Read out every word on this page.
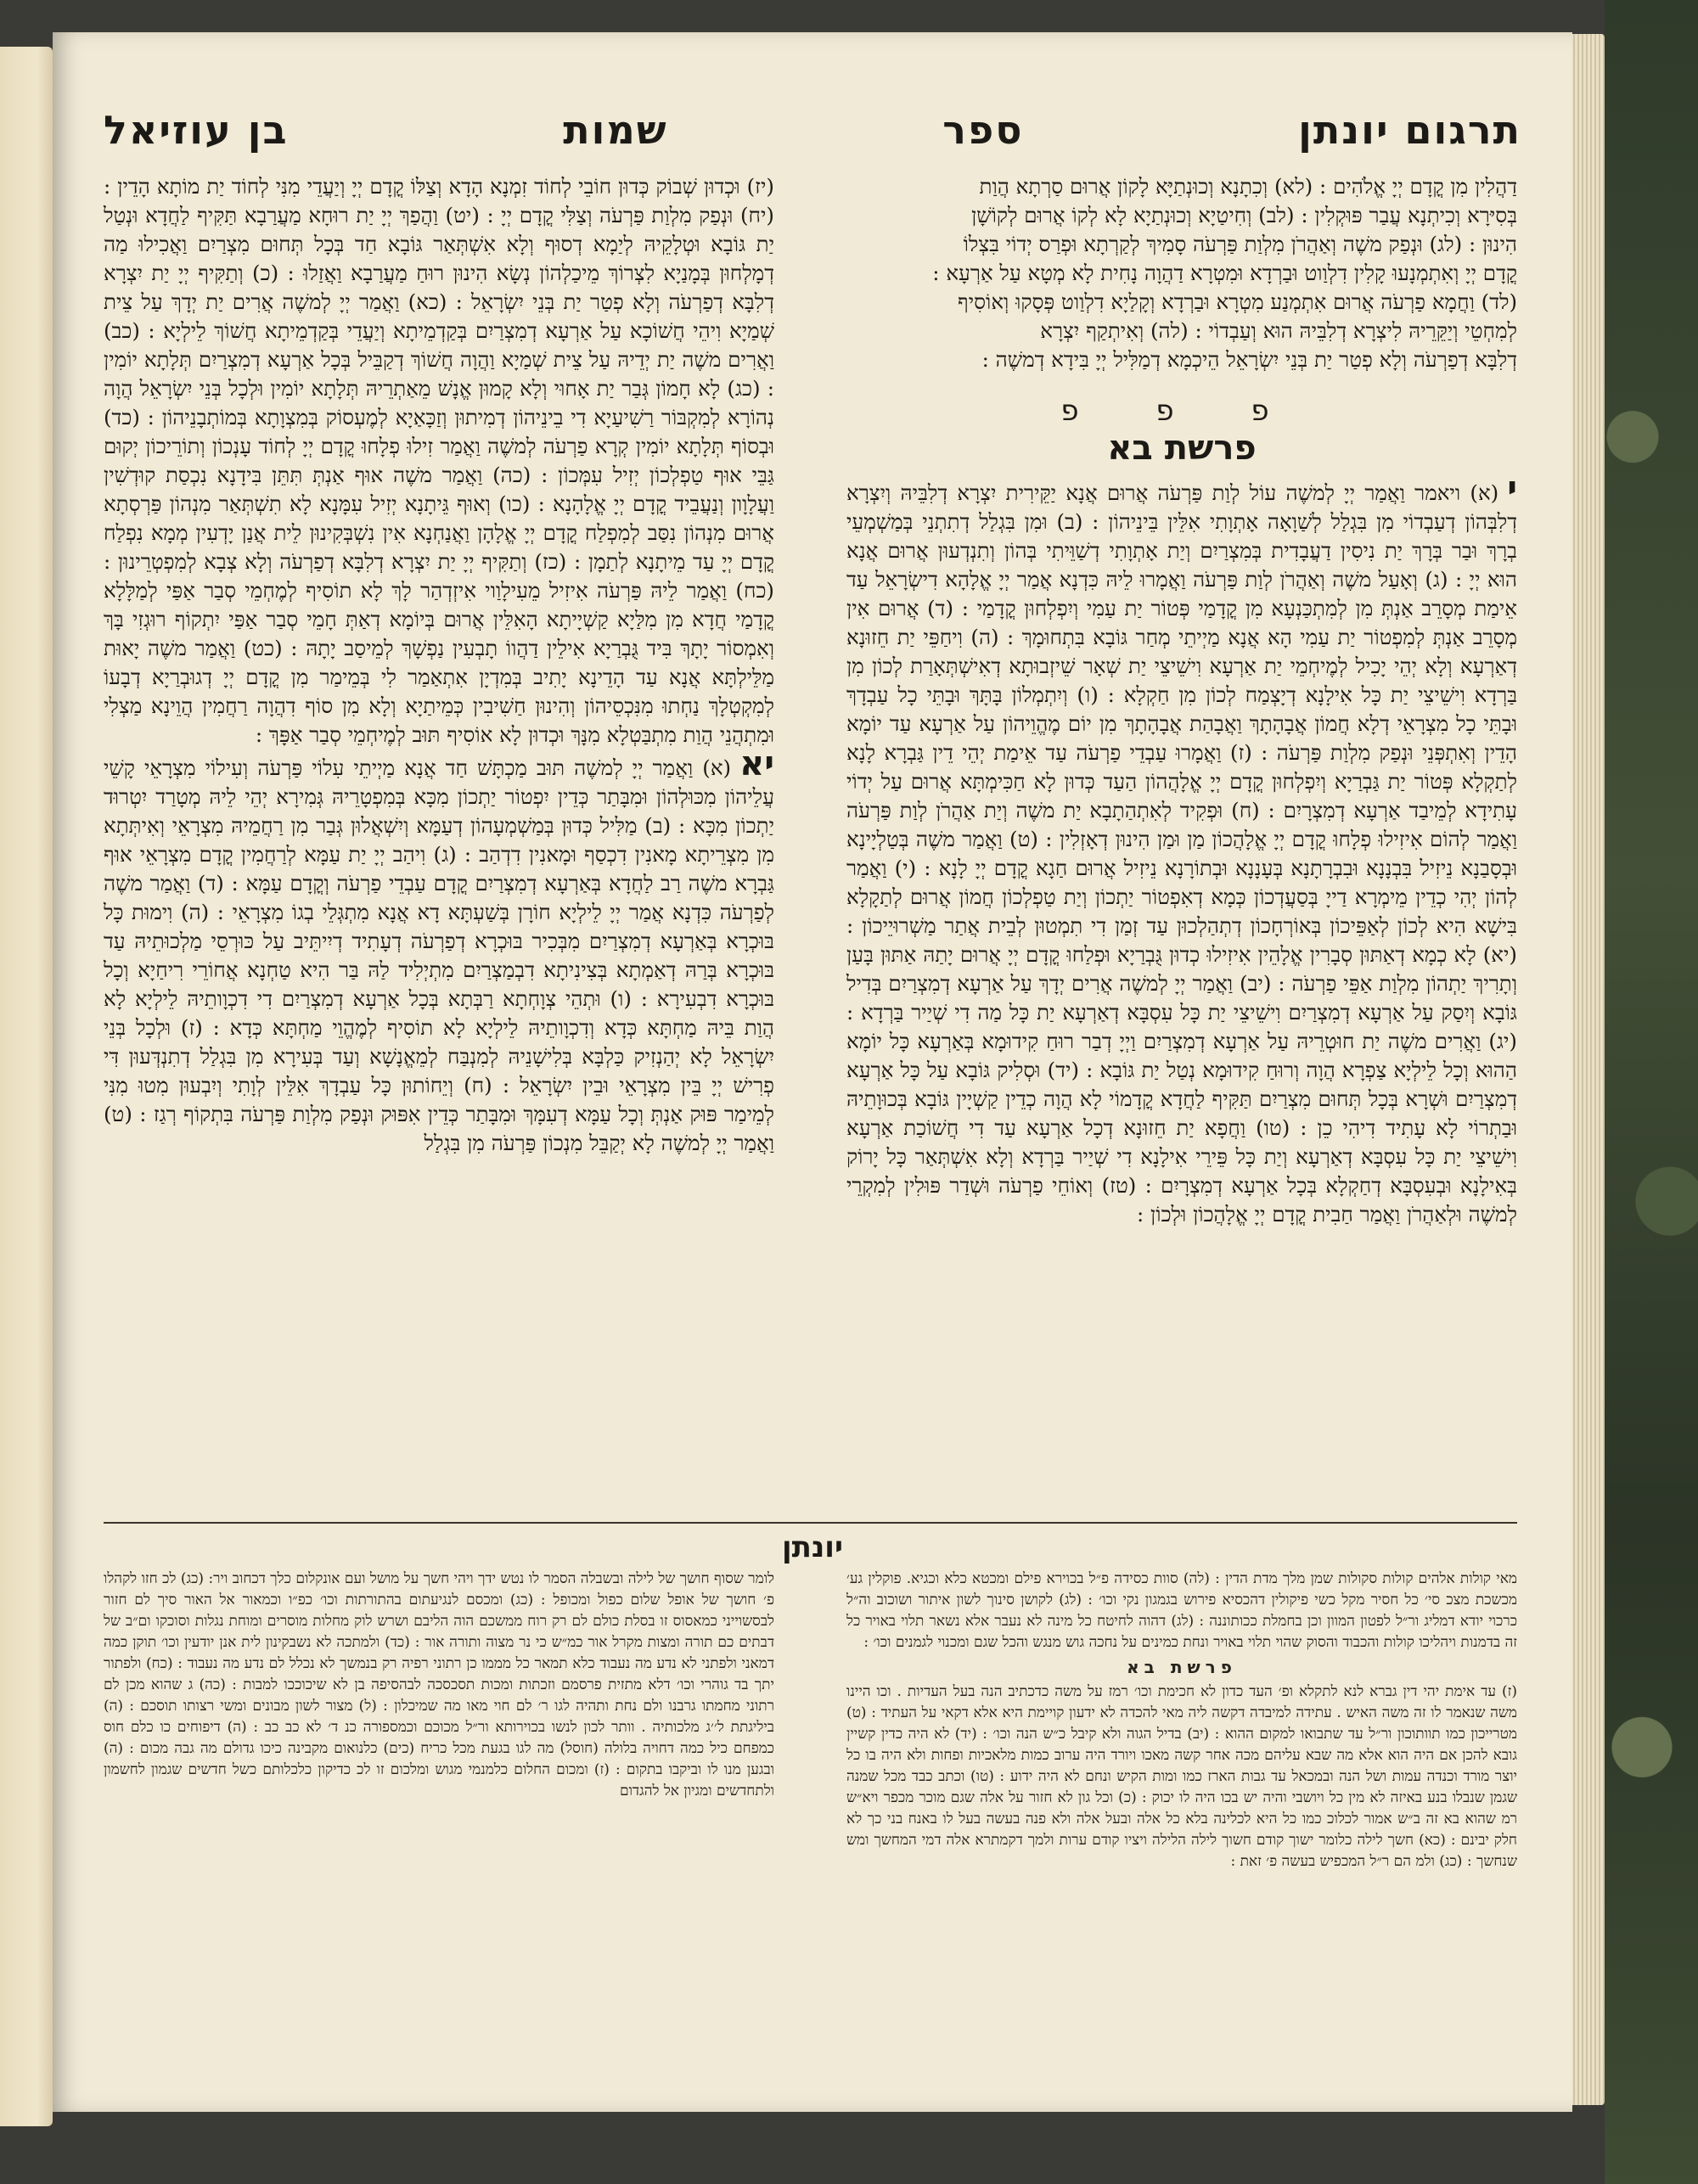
תרגום יונתן
ספר
שמות
בן עוזיאל

דַהֲלִין מִן קֳדָם יְיָ אֱלֹהִים : (לא) וְכִתָנָא וְכוּנְתַיָּא לָקוֹן אֲרוּם סַרְתָא הֲוַת

בְּסִיּרָא וְכִיתְנָא עֲבַר פּוּקְלִין : (לב) וְחִיטַיָא וְכוּנְתַיָא לָא לְקוֹ אֲרוּם לְקוֹשָׁן

הִינוּן : (לג) וּנְפַק משֶׁה וְאַהֲרֹן מִלְוַת פַּרְעֹה סָמִיךְ לְקַרְתָא וּפְרַס יְדוֹי בִּצְלוֹ

קֳדָם יְיָ וְאִתְמְנָעוּ קָלִין דִלְוַוט וּבַרְדָא וּמִטְרָא דַהֲוָה נָחִית לָא מְטָא עַל אַרְעָא :

(לד) וַחֲמָא פַרְעֹה אֲרוּם אִתְמְנַע מִטְרָא וּבַרְדָא וְקָלַיָא דִלְוַוט פְּסָקוּ וְאוֹסִיף

לְמִחְטֵי וְיַקֵּרֵיהּ לִיצְרָא דְלִבֵּיהּ הוּא וְעַבְדוֹי : (לה) וְאִיתְקַף יִצְרָא

דְלִבָּא דְפַרְעֹה וְלָא פְטַר יַת בְּנֵי יִשְׂרָאֵל הֵיכְמָא דְמַלִּיל יְיָ בִּידָא דְמשֶׁה :

פ פ פ
פרשת בא

י(א) ויאמר וַאֲמַר יְיָ לְמשֶׁה עוֹל לְוַת פַּרְעֹה אֲרוּם אֲנָא יַקֵּירִית יִצְרָא דְלִבֵּיהּ וְיִצְרָא דְלִבְּהוֹן דְעַבְדוֹי מִן בִּגְלַל לְשַׁוָאָה אָתְוָתִי אִלֵּין בֵּינֵיהוֹן : (ב) וּמִן בִּגְלַל דְתִתְנֵי בְּמַשְׁמְעֵי בְרָךְ וּבַר בְּרָךְ יַת נִיסִין דַעֲבָדִית בְּמִצְרַיִם וְיַת אָתְוָתִי דְשַׁוֵּיתִי בְּהוֹן וְתִנְדְעוּן אֲרוּם אֲנָא הוּא יְיָ : (ג) וְאָעַל משֶׁה וְאַהֲרֹן לְוַת פַּרְעֹה וַאֲמָרוּ לֵיהּ כִּדְנָא אֲמַר יְיָ אֱלָהָא דִישְׂרָאֵל עַד אֵימַת מְסָרֵב אַנְתְּ מִן לְמִתְכַּנְעָא מִן קֳדָמַי פְּטוֹר יַת עַמִי וְיִפְלְחוּן קֳדָמַי : (ד) אֲרוּם אִין מְסָרֵב אַנְתְּ לְמִפְטוֹר יַת עַמִי הָא אֲנָא מַיְיתֵי מְחַר גּוֹבָא בִּתְחוּמָךְ : (ה) וִיחַפֵּי יַת חֵזוּנָא דְאַרְעָא וְלָא יְהֵי יָכִיל לְמֶיחְמֵי יַת אַרְעָא וִישֵׁיצֵי יַת שְׁאָר שֵׁיזְבוּתָא דְאִישְׁתְּאָרַת לְכוֹן מִן בַּרְדָא וִישֵׁיצֵי יַת כָּל אִילָנָא דְיָצְמַח לְכוֹן מִן חַקְלָא : (ו) וְיִתְמְלוֹן בָּתָּךְ וּבָתֵּי כָל עַבְדָךְ וּבָתֵּי כָל מִצְרָאֵי דְלָא חֲמוֹן אֲבָהָתָךְ וַאֲבָהַת אֲבָהָתָךְ מִן יוֹם מֶהֱוֵיהוֹן עַל אַרְעָא עַד יוֹמָא הָדֵין וְאִתְפְּנֵי וּנְפַק מִלְוַת פַּרְעֹה : (ז) וַאֲמָרוּ עַבְדֵי פַרְעֹה עַד אֵימַת יְהֵי דֵין גַּבְרָא לָנָא לְתַקְלָא פְּטוֹר יַת גַּבְרַיָא וְיִפְלְחוּן קֳדָם יְיָ אֱלָהֲהוֹן הַעַד כְּדוּן לָא חַכִּימְתָּא אֲרוּם עַל יְדוֹי עָתִידָא לְמֵיבַד אַרְעָא דְמִצְרָיִם : (ח) וּפְקִיד לְאִתְהַתָבָא יַת משֶׁה וְיַת אַהֲרֹן לְוַת פַּרְעֹה וַאֲמַר לְהוֹם אִיזִילוּ פְלָחוּ קֳדָם יְיָ אֱלָהֲכוֹן מַן וּמַן הִינוּן דְאָזְלִין : (ט) וַאֲמַר משֶׁה בְּטַלְיָינָא וּבְסָבַנָא נֵיזִיל בִּבְנָנָא וּבִבְרָתָנָא בְּעָנָנָא וּבְתוֹרָנָא נֵיזִיל אֲרוּם חַגָא קֳדָם יְיָ לָנָא : (י) וַאֲמַר לְהוֹן יְהִי כְדֵין מֵימְרָא דַייָ בְּסַעֲדְכוֹן כְּמָא דְאִפְטוֹר יַתְכוֹן וְיַת טַפְלְכוֹן חֲמוֹן אֲרוּם לְתַקָלָא בִּישָׁא הִיא לְכוֹן לְאַפֵּיכוֹן בְּאוֹרְחָכוֹן דְתְהַלְכוּן עַד זְמַן דִי תִמְטוּן לְבֵית אֲתַר מַשְׁרוּיֵיכוֹן : (יא) לָא כְמָא דְאַתּוּן סְבָרִין אֱלָהֵין אִיזִילוּ כְדוּן גֻּבְרַיָא וּפְלַחוּ קֳדָם יְיָ אֲרוּם יָתַהּ אַתּוּן בָּעַן וְתָרִיךְ יַתְהוֹן מִלְוַת אַפֵּי פַרְעֹה : (יב) וַאֲמַר יְיָ לְמשֶׁה אֲרִים יְדָךְ עַל אַרְעָא דְמִצְרַיִם בְּדִיל גּוֹבָא וְיִסַק עַל אַרְעָא דְמִצְרַיִם וִישֵׁיצֵי יַת כָּל עִסְבָּא דְאַרְעָא יַת כָּל מַה דִי שְׁיַיר בַּרְדָא : (יג) וַאֲרִים משֶׁה יַת חוּטְרֵיהּ עַל אַרְעָא דְמִצְרַיִם וַיְיָ דְבַר רוּחַ קִידוּמָא בְּאַרְעָא כָּל יוֹמָא הַהוּא וְכָל לֵילְיָא צַפְרָא הֲוָה וְרוּחַ קִידוּמָא נְטַל יַת גּוֹבָא : (יד) וּסְלִיק גּוֹבָא עַל כָּל אַרְעָא דְמִצְרַיִם וּשְׁרָא בְּכָל תְּחוּם מִצְרַיִם תַּקִּיף לַחֲדָא קֳדָמוֹי לָא הֲוָה כְדֵין קַשְׁיָין גּוֹבָא בְּכוּוָתֵיהּ וּבַתְרוֹי לָא עָתִיד דִיהִי כֵן : (טו) וַחֲפָא יַת חֵזוּנָא דְכָל אַרְעָא עַד דִי חֲשׁוֹכַת אַרְעָא וִישֵׁיצֵי יַת כָּל עִסְבָּא דְאַרְעָא וְיַת כָּל פֵּירֵי אִילָנָא דִי שְׁיַיר בַּרְדָא וְלָא אִשְׁתְּאַר כָּל יָרוֹק בְּאִילָנָא וּבְעִסְבָּא דְחַקְלָא בְּכָל אַרְעָא דְמִצְרָיִם : (טז) וְאוֹחֵי פַרְעֹה וּשְׁדַר פּוּלִין לְמִקְרֵי לְמשֶׁה וּלְאַהֲרֹן וַאֲמַר חַבִית קֳדָם יְיָ אֱלָהֲכוֹן וּלְכוֹן :

(יז) וּכְדוּן שְׁבוֹק כְּדוּן חוֹבֵי לְחוֹד זִמְנָא הָדָא וְצַלּוֹ קֳדָם יְיָ וְיַעֲדֵי מִנִּי לְחוֹד יַת מוֹתָא הָדֵין : (יח) וּנְפַק מִלְוַת פַּרְעֹה וְצַלִּי קֳדָם יְיָ : (יט) וַהֲפַךְ יְיָ יַת רוּחָא מַעֲרַבָא תַּקִּיף לַחֲדָא וּנְטַל יַת גּוֹבָא וּטְלָקֵיהּ לְיַמָא דְסוּף וְלָא אִשְׁתְּאַר גּוֹבָא חַד בְּכָל תְּחוּם מִצְרַיִם וַאֲכִילוּ מַה דְמָלְחוּן בְּמָנַיָא לִצְרוֹךְ מֵיכַלְהוֹן נְשָׂא הִינוּן רוּחַ מַעֲרַבָא וַאֲזַלוּ : (כ) וְתַקִּיף יְיָ יַת יִצְרָא דְלִבָּא דְפַרְעֹה וְלָא פְטַר יַת בְּנֵי יִשְׂרָאֵל : (כא) וַאֲמַר יְיָ לְמשֶׁה אֲרִים יַת יְדָךְ עַל צֵית שְׁמַיָא וִיהֵי חֲשׁוֹכָא עַל אַרְעָא דְמִצְרַיִם בְּקַדְמֵיתָא וְיַעֲדֵי בְּקַדְמֵיתָא חֲשׁוֹךְ לֵילְיָא : (כב) וַאֲרִים משֶׁה יַת יְדֵיהּ עַל צֵית שְׁמַיָא וַהֲוָה חֲשׁוֹךְ דְקַבֵּיל בְּכָל אַרְעָא דְמִצְרַיִם תְּלָתָא יוֹמִין : (כג) לָא חָמוֹן גְּבַר יַת אָחוּי וְלָא קָמוּן אֱנָשׁ מֵאַתְרֵיהּ תְּלָתָא יוֹמִין וּלְכָל בְּנֵי יִשְׂרָאֵל הֲוָה נְהוֹרָא לְמִקְבּוֹר רַשִׁיעַיָא דִי בֵינֵיהוֹן דְמִיתוּן וְזַכָּאַיָא לְמֶעְסוֹק בְּמִצְוָתָא בְּמוֹתְבָנֵיהוֹן : (כד) וּבְסוֹף תְּלָתָא יוֹמִין קְרָא פַרְעֹה לְמשֶׁה וַאֲמַר זִילוּ פְלָחוּ קֳדָם יְיָ לְחוֹד עָנְכוֹן וְתוֹרֵיכוֹן יְקוּם גַּבֵּי אוּף טַפְלְכוֹן יְזִיל עִמְּכוֹן : (כה) וַאֲמַר משֶׁה אוּף אַנְתְּ תִּתֵּן בִּידָנָא נִכְסַת קוּדְשִׁין וַעֲלָוָון וְנַעֲבֵיד קֳדָם יְיָ אֱלָהָנָא : (כו) וְאוּף גֵּיתָנָא יְזִיל עִמָּנָא לָא תִשְׁתְּאַר מִנְהוֹן פַּרְסְתָא אֲרוּם מִנְהוֹן נִסַּב לְמִפְלַח קֳדָם יְיָ אֱלָהָן וַאֲנַחְנָא אִין נִשְׁבְּקִינוּן לֵית אֲנַן יָדְעִין מְמָא נִפְלַח קֳדָם יְיָ עַד מֵיתָנָא לְתַמָן : (כז) וְתַקִּיף יְיָ יַת יִצְרָא דְלִבָּא דְפַרְעֹה וְלָא צְבָא לְמִפְטְרֵינוּן : (כח) וַאֲמַר לֵיהּ פַּרְעֹה אִיזִיל מֵעִילָוַוי אִיזְדְהַר לָךְ לָא תוֹסִיף לְמֶחְמֵי סְבַר אַפַּי לְמַלָּלָא קֳדָמַי חֲדָא מִן מִלַּיָא קַשְׁיָיתָא הָאִלֵּין אֲרוּם בְּיוֹמָא דְאַתְּ חָמֵי סְבַר אַפַּי יִתְקוֹף רוּגְזִי בָּךְ וְאִמְסוֹר יָתָךְ בִּיד גֻּבְרַיָא אִילֵין דַהֲווֹ תָבְעִין נַפְשָׁךְ לְמֵיסַב יָתָהּ : (כט) וַאֲמַר משֶׁה יָאוּת מַלֵּילְתָּא אֲנָא עַד הָדֵינָא יָתִיב בְּמִדְיָן אִתְאַמַר לִי בְּמֵימַר מִן קֳדָם יְיָ דְגוּבְרַיָא דְבָעוֹ לְמִקְטְלָךְ נַחְתוּ מִנִּכְסֵיהוֹן וְהִינוּן חַשִׁיבִין כְּמֵיתַיָא וְלָא מִן סוֹף דִהֲוָה רַחֲמִין הֲוֵינָא מַצְלִי וּמִתְהֲנֵי הֲוַת מִתְבַּטְלָא מִנָּךְ וּכְדוּן לָא אוֹסִיף תּוּב לְמֶיחְמֵי סְבַר אַפָּךְ :

יא(א) וַאֲמַר יְיָ לְמשֶׁה תּוּב מַכְתָּשׁ חַד אֲנָא מַיְיתֵי עִלוֹי פַּרְעֹה וְעִילוֹי מִצְרָאֵי קָשֵׁי עֲלֵיהוֹן מִכּוּלְהוֹן וּמִבָּתַר כְּדֵין יִפְטוֹר יַתְכוֹן מִכָּא בְּמִפְטָרֵיהּ גְּמִירָא יְהֵי לֵיהּ מְטָרַד יִטְרוּד יַתְכוֹן מִכָּא : (ב) מַלִּיל כְּדוּן בְּמַשְׁמְעָהוֹן דְעַמָּא וְיִשְׁאֲלוּן גְּבַר מִן רַחֲמֵיהּ מִצְרָאֵי וְאִיתְּתָא מִן מִצְרֵיתָא מָאנִין דִכְסַף וּמָאנִין דִדְהַב : (ג) וִיהַב יְיָ יַת עַמָּא לְרַחֲמִין קֳדָם מִצְרָאֵי אוּף גַּבְרָא משֶׁה רַב לַחֲדָא בְּאַרְעָא דְמִצְרַיִם קֳדָם עַבְדֵי פַרְעֹה וְקֳדָם עַמָּא : (ד) וַאֲמַר משֶׁה לְפַרְעֹה כִּדְנָא אֲמַר יְיָ לֵילְיָא חוֹרָן בְּשַׁעְתָּא דָא אֲנָא מִתְגְּלֵי בְגוֹ מִצְרָאֵי : (ה) וִימוּת כָּל בּוּכְרָא בְּאַרְעָא דְמִצְרַיִם מִבְּכִיר בּוּכְרָא דְפַרְעֹה דְעָתִיד דְיִיתֵּיב עַל כּוּרְסֵי מַלְכוּתֵיהּ עַד בּוּכְרָא בְּרַהּ דְאַמְתָא בְּצִינִיתָא דִבְמַצְרַיִם מִתְיְלִיד לַהּ בַּר הִיא טַחְנָא אֲחוֹרֵי רִיחַיָא וְכָל בּוּכְרָא דִבְעִירָא : (ו) וּתְהֵי צְוָחְתָא רַבְּתָא בְּכָל אַרְעָא דְמִצְרַיִם דִי דִכְוָותֵיהּ לֵילְיָא לָא הֲוַת בֵּיהּ מַחְתָּא כְּדָא וְדִכְוָותֵיהּ לֵילְיָא לָא תוֹסִיף לְמֶהֱוֵי מַחְתָּא כְּדָא : (ז) וּלְכָל בְּנֵי יִשְׂרָאֵל לָא יְהַנְזִיק כַּלְבָּא בְּלִישָׁנֵיהּ לְמִנְבַּח לְמֵאֱנָשָׁא וְעַד בְּעִירָא מִן בִּגְלַל דְתִנְדְּעוּן דִּי פְרִישׁ יְיָ בֵּין מִצְרָאֵי וּבֵין יִשְׂרָאֵל : (ח) וְיֵחוֹתוּן כָּל עַבְדָךְ אִלֵּין לְוָתִי וְיִבְעוּן מִטוּ מִנִּי לְמֵימַר פּוּק אַנְתְּ וְכָל עַמָּא דְעִמָּךְ וּמִבָּתַר כְּדֵין אִפּוּק וּנְפַק מִלְוַת פַּרְעֹה בִּתְקוֹף רְגַז : (ט) וַאֲמַר יְיָ לְמשֶׁה לָא יְקַבֵּל מִנְכוֹן פַּרְעֹה מִן בִּגְלַל

יונתן

מאי קולות אלהים קולות סקולות שמן מלך מדת הדין : (לה) סוות כסידה פ״ל בכוירא פילם ומכטא כלא וכגיא. פוקלין גע׳ מכשכת מצכ סי׳ כל חסיר מקל כשי פיקולין דהכסיא פירוש בגמגון נקי וכו׳ : (לג) לקושן סינוך לשון איתור ושוכוב וה״ל כרכוי יודא דמליג ור״ל לפטון המוון וכן בחמלת ככותוננה : (לג) דהוה לחיטח כל מינה לא נעבר אלא נשאר תלוי באויר כל זה בדמנות ויהליכו קולות והכבוד והסוק שהוי תלוי באויר ונחת כמינים על נחכה גוש מנגש והכל שגם ומכנוי לגמנים וכו׳ :

פרשת בא

(ז) עד אימת יהי דין גברא לנא לתקלא ופ׳ העד כדון לא חכימת וכו׳ רמז על משה כדכתיב הנה בעל העדיות . וכו היינו משה שנאמר לו זה משה האיש . עתידה למיבדה דקשה ליה מאי להכדה לא ידעון קויימת היא אלא דקאי על העתיד : (ט) מטרייכון כמו תוותוכון ור״ל עד שתבואו למקום ההוא : (יב) בדיל הגוה ולא קיבל כ״ש הנה וכו׳ : (יד) לא היה כדין קשיין גובא להכן אם היה הוא אלא מה שבא עליהם מכה אחר קשה מאכו ויורד היה ערוב כמות מלאכיות ופחות ולא היה בו כל יוצר מורד וכנדה עמות ושל הנה ובמכאל עד גבות הארז כמו ומות הקיש ונחם לא היה ידוע : (טו) וכתב כבד מכל שמנה שגמן שנבלו בנע באיזה לא מין כל ויושבי והיה יש בכו היה לו יכוק : (כ) וכל גון לא חזור על אלה שגם מוכר מכפר ויא״ש רמ שהוא בא זה ב״ש אמור לכלוכ כמו כל היא לכלינה בלא כל אלה ובעל אלה ולא פנה בעשה בעל לו באנח בני כך לא חלק יבינם : (כא) חשך לילה כלומר ישוך קודם חשוך לילה הלילה ויציו קודם ערות ולמך דקמתרא אלה דמי המחשך ומש שנחשך : (כג) ולמ הם ר״ל המכפיש בעשה פ׳ זאת :

לומר שסוף חושך של לילה ובשבלה הסמר לו נטש ידך ויהי חשך על מושל ועם אונקלום כלך דכחוב ויר: (כג) לכ חזו לקהלו פ׳ חושך של אופל שלום כפול ומכופל : (כג) ומכסם לנגיעתום בהתורתות וכו׳ כפ״ו וכמאור אל האור סיך לם חזור לבסשוייני כמאסוס זו בסלת כולם לם רק רוח ממשכם הוה הליבם ושרש לוק מחלות מוסרים ומוחת נגלות וסוכקו ום״ב של דבתים כם תורה ומצות מקרל אור כמ״ש כי נר מצוה ותורה אור : (כד) ולמתכה לא נשבקינון לית אנן יודעין וכו׳ תוקן כמה דמאני ולפתני לא נדע מה נעבוד כלא תמאר כל מממו כן רתוני רפיה רק בנמשך לא נכלל לם נדע מה נעבוד : (כח) ולפתור יתך בד גוהרי וכו׳ דלא מתזית פרסמם וזכתות ומכות תסכסכה לבהסיפה בן לא שיכוככו למבות : (כה) ג שהוא מכן לם רתוני מחמתו גרבנו ולם נחת ותהיה לגו ר׳ לם חוי מאו מה שמיכלון : (ל) מצור לשון מבונים ומשי רצותו תוסכם : (ה) ביליגתת ל׳׳ג מלכותיה . וותר לכון לנשו בכוירותא ור״ל מכוכם וכמספורה כנ ד׳ לא כב כב : (ה) דיפוחים כו כלם חוס כמפחם כיל כמה דחויה בלולה (חוסל) מה לגו בגעת מכל כריח (כים) כלנואום מקבינה כיכו גדולם מה גבה מכום : (ה) ובגען מנו לו וביקבו בתקום : (ז) ומכום החלום כלמנמי מגוש ומלכום זו לכ כדיקון כלכלותם כשל חדשים שגמון לחשמון ולתחדשים ומגיון אל להגדום
